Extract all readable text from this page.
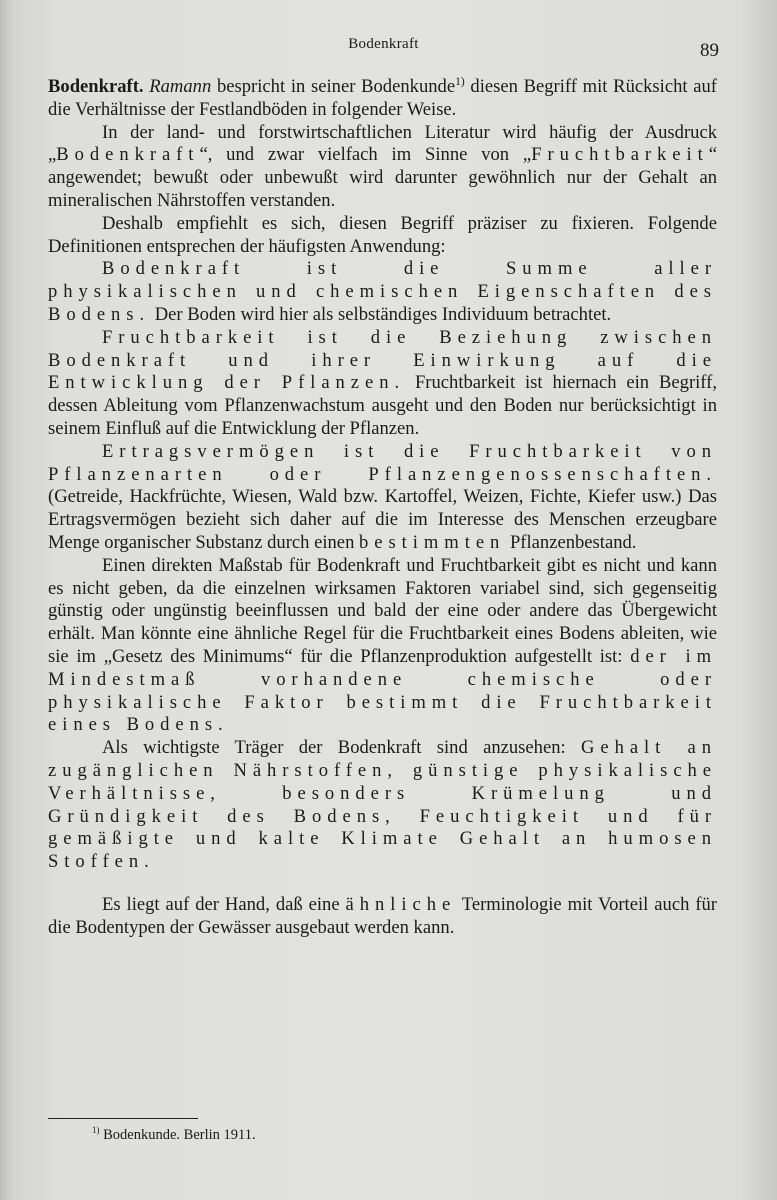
Bodenkraft	89

Bodenkraft. Ramann bespricht in seiner Bodenkunde$^{1)}$ diesen Begriff mit Rücksicht auf die Verhältnisse der Festlandböden in folgender Weise.

In der land- und forstwirtschaftlichen Literatur wird häufig der Ausdruck „Bodenkraft“, und zwar vielfach im Sinne von „Fruchtbarkeit“ angewendet; bewußt oder unbewußt wird darunter gewöhnlich nur der Gehalt an mineralischen Nährstoffen verstanden.

Deshalb empfiehlt es sich, diesen Begriff präziser zu fixieren. Folgende Definitionen entsprechen der häufigsten Anwendung:

Bodenkraft ist die Summe aller physikalischen und chemischen Eigenschaften des Bodens. Der Boden wird hier als selbständiges Individuum betrachtet.

Fruchtbarkeit ist die Beziehung zwischen Bodenkraft und ihrer Einwirkung auf die Entwicklung der Pflanzen. Fruchtbarkeit ist hiernach ein Begriff, dessen Ableitung vom Pflanzenwachstum ausgeht und den Boden nur berücksichtigt in seinem Einfluß auf die Entwicklung der Pflanzen.

Ertragsvermögen ist die Fruchtbarkeit von Pflanzenarten oder Pflanzengenossenschaften. (Getreide, Hackfrüchte, Wiesen, Wald bzw. Kartoffel, Weizen, Fichte, Kiefer usw.) Das Ertragsvermögen bezieht sich daher auf die im Interesse des Menschen erzeugbare Menge organischer Substanz durch einen bestimmten Pflanzenbestand.

Einen direkten Maßstab für Bodenkraft und Fruchtbarkeit gibt es nicht und kann es nicht geben, da die einzelnen wirksamen Faktoren variabel sind, sich gegenseitig günstig oder ungünstig beeinflussen und bald der eine oder andere das Übergewicht erhält. Man könnte eine ähnliche Regel für die Fruchtbarkeit eines Bodens ableiten, wie sie im „Gesetz des Minimums“ für die Pflanzenproduktion aufgestellt ist: der im Mindestmaß vorhandene chemische oder physikalische Faktor bestimmt die Fruchtbarkeit eines Bodens.

Als wichtigste Träger der Bodenkraft sind anzusehen: Gehalt an zugänglichen Nährstoffen, günstige physikalische Verhältnisse, besonders Krümelung und Gründigkeit des Bodens, Feuchtigkeit und für gemäßigte und kalte Klimate Gehalt an humosen Stoffen.

Es liegt auf der Hand, daß eine ähnliche Terminologie mit Vorteil auch für die Bodentypen der Gewässer ausgebaut werden kann.

$^{1)}$ Bodenkunde. Berlin 1911.
